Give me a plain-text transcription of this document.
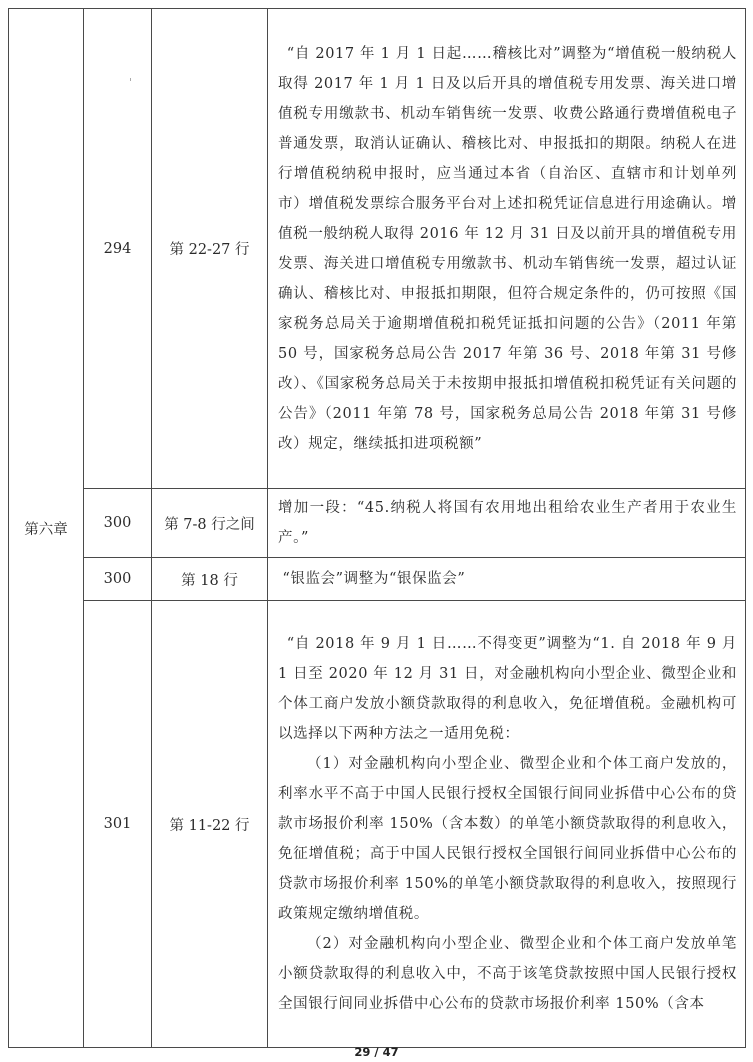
第六章	294	第 22-27 行	“自 2017 年 1 月 1 日起……稽核比对”调整为“增值税一般纳税人取得 2017 年 1 月 1 日及以后开具的增值税专用发票、海关进口增值税专用缴款书、机动车销售统一发票、收费公路通行费增值税电子普通发票，取消认证确认、稽核比对、申报抵扣的期限。纳税人在进行增值税纳税申报时，应当通过本省（自治区、直辖市和计划单列市）增值税发票综合服务平台对上述扣税凭证信息进行用途确认。增值税一般纳税人取得 2016 年 12 月 31 日及以前开具的增值税专用发票、海关进口增值税专用缴款书、机动车销售统一发票，超过认证确认、稽核比对、申报抵扣期限，但符合规定条件的，仍可按照《国家税务总局关于逾期增值税扣税凭证抵扣问题的公告》（2011 年第 50 号，国家税务总局公告 2017 年第 36 号、2018 年第 31 号修改）、《国家税务总局关于未按期申报抵扣增值税扣税凭证有关问题的公告》（2011 年第 78 号，国家税务总局公告 2018 年第 31 号修改）规定，继续抵扣进项税额”

	300	第 7-8 行之间	增加一段：“45.纳税人将国有农用地出租给农业生产者用于农业生产。”

	300	第 18 行	“银监会”调整为“银保监会”

	301	第 11-22 行	“自 2018 年 9 月 1 日……不得变更”调整为“1. 自 2018 年 9 月 1 日至 2020 年 12 月 31 日，对金融机构向小型企业、微型企业和个体工商户发放小额贷款取得的利息收入，免征增值税。金融机构可以选择以下两种方法之一适用免税：

（1）对金融机构向小型企业、微型企业和个体工商户发放的，利率水平不高于中国人民银行授权全国银行间同业拆借中心公布的贷款市场报价利率 150%（含本数）的单笔小额贷款取得的利息收入，免征增值税；高于中国人民银行授权全国银行间同业拆借中心公布的贷款市场报价利率 150%的单笔小额贷款取得的利息收入，按照现行政策规定缴纳增值税。

（2）对金融机构向小型企业、微型企业和个体工商户发放单笔小额贷款取得的利息收入中，不高于该笔贷款按照中国人民银行授权全国银行间同业拆借中心公布的贷款市场报价利率 150%（含本

29 / 47
